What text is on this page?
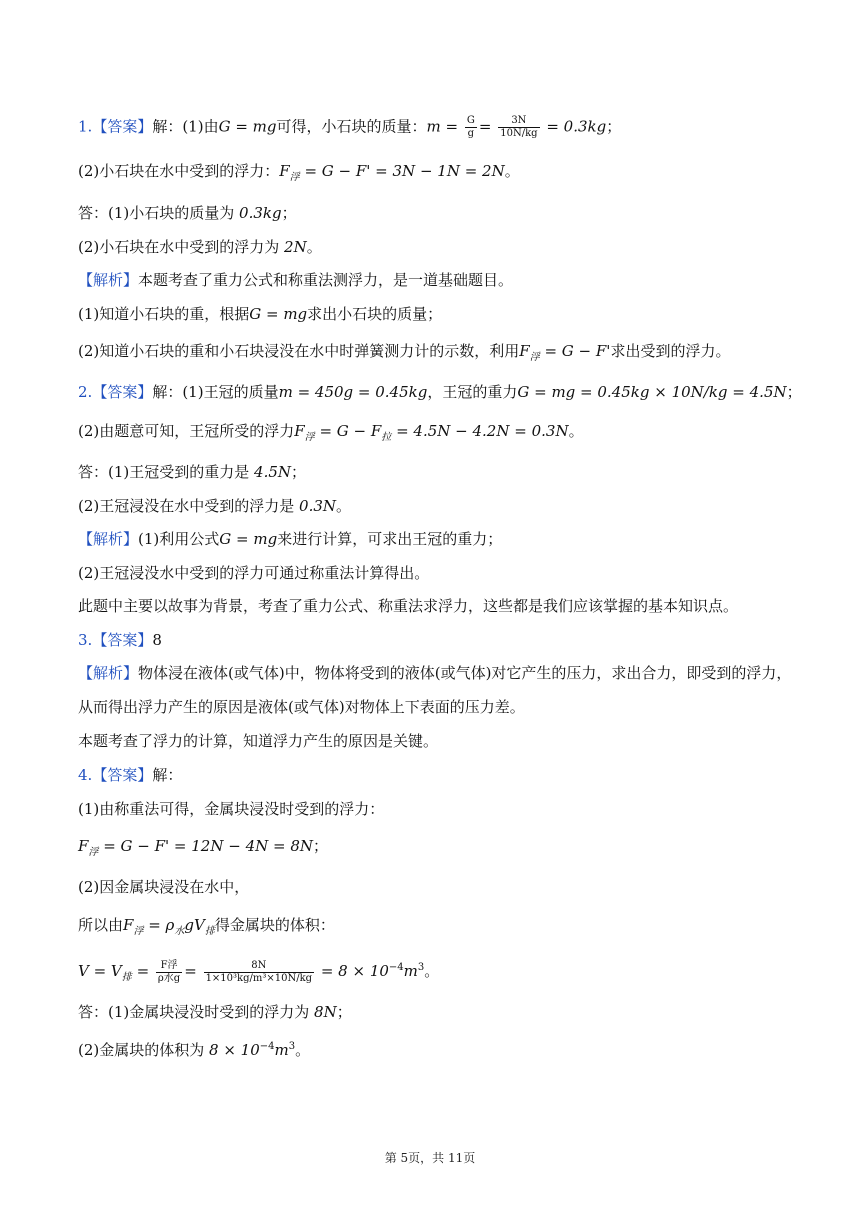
1.【答案】解：(1)由G = mg可得，小石块的质量：$m = \frac{G}{g} = \frac{3N}{10N/kg} = 0.3kg$；
(2)小石块在水中受到的浮力：$F_浮 = G - F' = 3N - 1N = 2N$。
答：(1)小石块的质量为 0.3kg；
(2)小石块在水中受到的浮力为 2N。
【解析】本题考查了重力公式和称重法测浮力，是一道基础题目。
(1)知道小石块的重，根据G = mg求出小石块的质量；
(2)知道小石块的重和小石块浸没在水中时弹簧测力计的示数，利用$F_浮 = G - F'$求出受到的浮力。
2.【答案】解：(1)王冠的质量m = 450g = 0.45kg，王冠的重力G = mg = 0.45kg × 10N/kg = 4.5N；
(2)由题意可知，王冠所受的浮力$F_浮 = G - F_拉 = 4.5N - 4.2N = 0.3N$。
答：(1)王冠受到的重力是 4.5N；
(2)王冠浸没在水中受到的浮力是 0.3N。
【解析】(1)利用公式G = mg来进行计算，可求出王冠的重力；
(2)王冠浸没水中受到的浮力可通过称重法计算得出。
此题中主要以故事为背景，考查了重力公式、称重法求浮力，这些都是我们应该掌握的基本知识点。
3.【答案】8
【解析】物体浸在液体(或气体)中，物体将受到的液体(或气体)对它产生的压力，求出合力，即受到的浮力，
从而得出浮力产生的原因是液体(或气体)对物体上下表面的压力差。
本题考查了浮力的计算，知道浮力产生的原因是关键。
4.【答案】解：
(1)由称重法可得，金属块浸没时受到的浮力：
$F_浮 = G - F' = 12N - 4N = 8N$；
(2)因金属块浸没在水中，
所以由$F_浮 = \rho_水gV_排$得金属块的体积：
$V = V_排 = \frac{\text{F浮}}{\text{ρ水g}} = \frac{8N}{\text{1×10³kg/m³×10N/kg}} = 8 \times 10^{-4}m^3$。
答：(1)金属块浸没时受到的浮力为 8N；
(2)金属块的体积为 $8 \times 10^{-4}m^3$。
第 5页，共 11页
